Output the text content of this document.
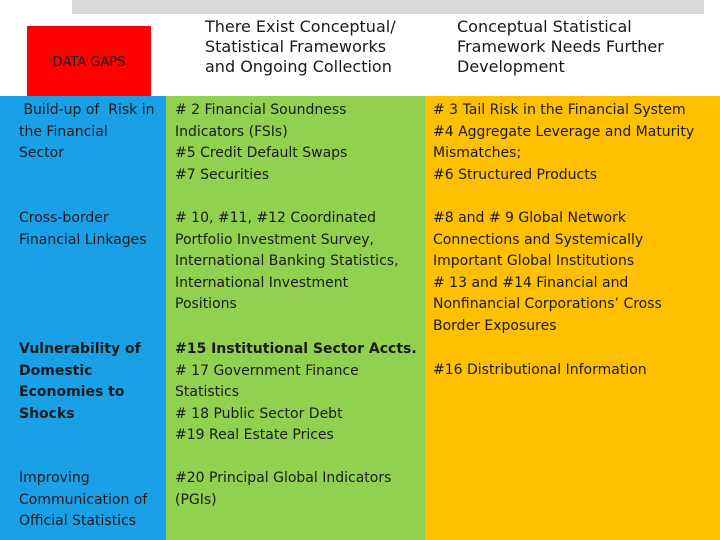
DATA GAPS
There Exist Conceptual/
Statistical Frameworks
and Ongoing Collection
Conceptual Statistical
Framework Needs Further
Development
Build-up of  Risk in
the Financial
Sector
# 2 Financial Soundness
Indicators (FSIs)
#5 Credit Default Swaps
#7 Securities
# 3 Tail Risk in the Financial System
#4 Aggregate Leverage and Maturity
Mismatches;
#6 Structured Products
Cross-border
Financial Linkages
# 10, #11, #12 Coordinated
Portfolio Investment Survey,
International Banking Statistics,
International Investment
Positions
#8 and # 9 Global Network
Connections and Systemically
Important Global Institutions
# 13 and #14 Financial and
Nonfinancial Corporations’ Cross
Border Exposures
Vulnerability of
Domestic
Economies to
Shocks
#15 Institutional Sector Accts.
# 17 Government Finance
Statistics
# 18 Public Sector Debt
#19 Real Estate Prices
#16 Distributional Information
Improving
Communication of
Official Statistics
#20 Principal Global Indicators
(PGIs)
